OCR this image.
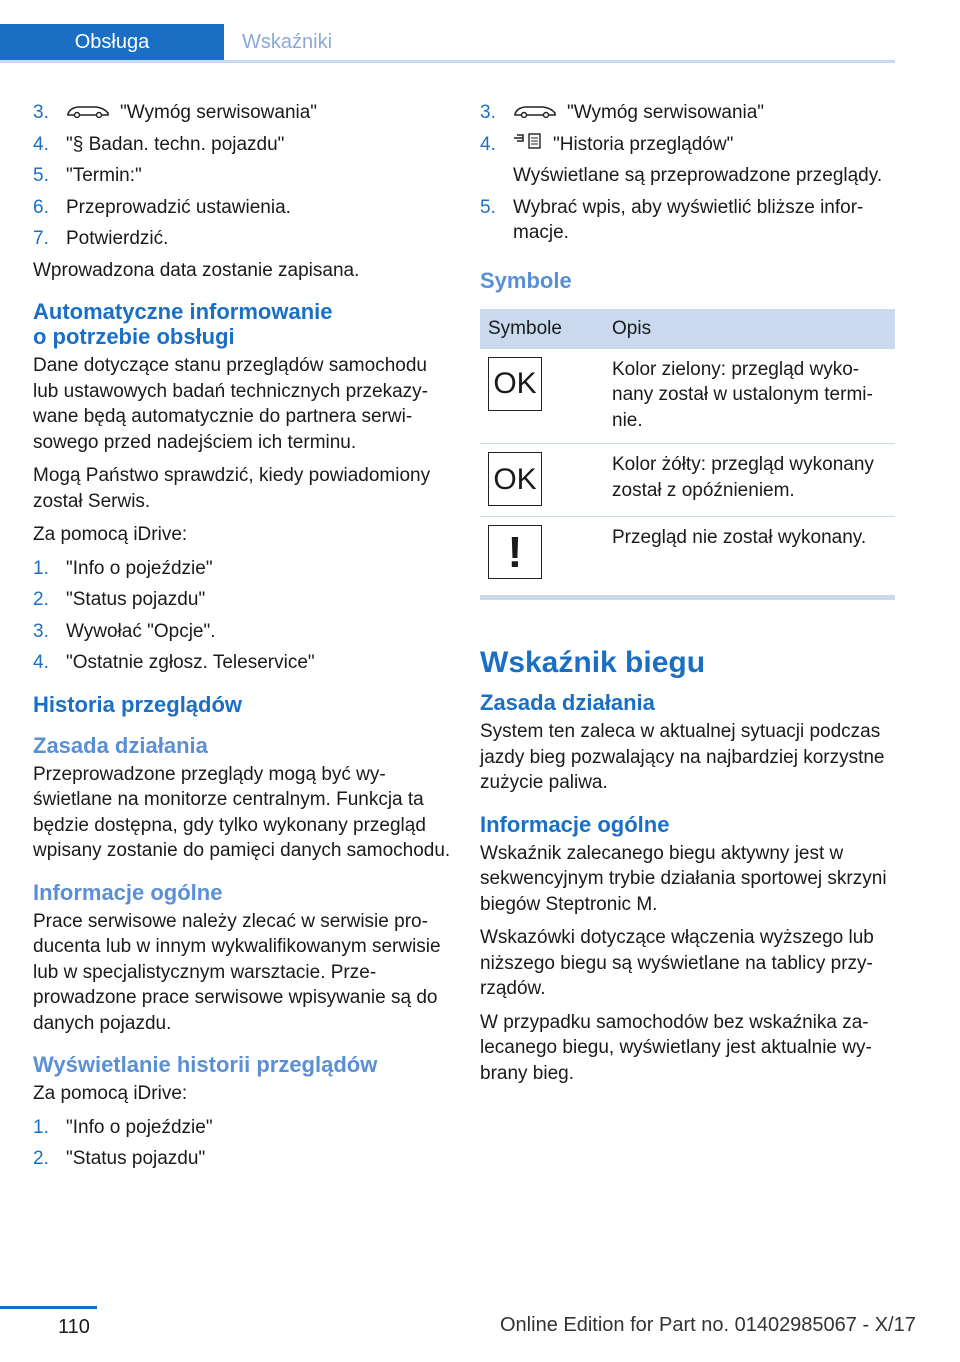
Obsługa	Wskaźniki
3.	"Wymóg serwisowania"
4. "§ Badan. techn. pojazdu"
5. "Termin:"
6. Przeprowadzić ustawienia.
7. Potwierdzić.

Wprowadzona data zostanie zapisana.

Automatyczne informowanie
o potrzebie obsługi

Dane dotyczące stanu przeglądów samochodu lub ustawowych badań technicznych przekazywane będą automatycznie do partnera serwisowego przed nadejściem ich terminu.

Mogą Państwo sprawdzić, kiedy powiadomiony został Serwis.

Za pomocą iDrive:

1. "Info o pojeździe"
2. "Status pojazdu"
3. Wywołać "Opcje".
4. "Ostatnie zgłosz. Teleservice"
Historia przeglądów
Zasada działania

Przeprowadzone przeglądy mogą być wyświetlane na monitorze centralnym. Funkcja ta będzie dostępna, gdy tylko wykonany przegląd wpisany zostanie do pamięci danych samochodu.

Informacje ogólne

Prace serwisowe należy zlecać w serwisie producenta lub w innym wykwalifikowanym serwisie lub w specjalistycznym warsztacie. Przeprowadzone prace serwisowe wpisywanie są do danych pojazdu.

Wyświetlanie historii przeglądów

Za pomocą iDrive:

1. "Info o pojeździe"
2. "Status pojazdu"
3.	"Wymóg serwisowania"
4.	"Historia przeglądów"
Wyświetlane są przeprowadzone przeglądy.
5. Wybrać wpis, aby wyświetlić bliższe informacje.
Symbole
Symbole	Opis

OK	Kolor zielony: przegląd wykonany został w ustalonym terminie.

OK	Kolor żółty: przegląd wykonany został z opóźnieniem.

!	Przegląd nie został wykonany.
Wskaźnik biegu
Zasada działania

System ten zaleca w aktualnej sytuacji podczas jazdy bieg pozwalający na najbardziej korzystne zużycie paliwa.

Informacje ogólne

Wskaźnik zalecanego biegu aktywny jest w sekwencyjnym trybie działania sportowej skrzyni biegów Steptronic M.

Wskazówki dotyczące włączenia wyższego lub niższego biegu są wyświetlane na tablicy przyrządów.

W przypadku samochodów bez wskaźnika zalecanego biegu, wyświetlany jest aktualnie wybrany bieg.

110	Online Edition for Part no. 01402985067 - X/17
